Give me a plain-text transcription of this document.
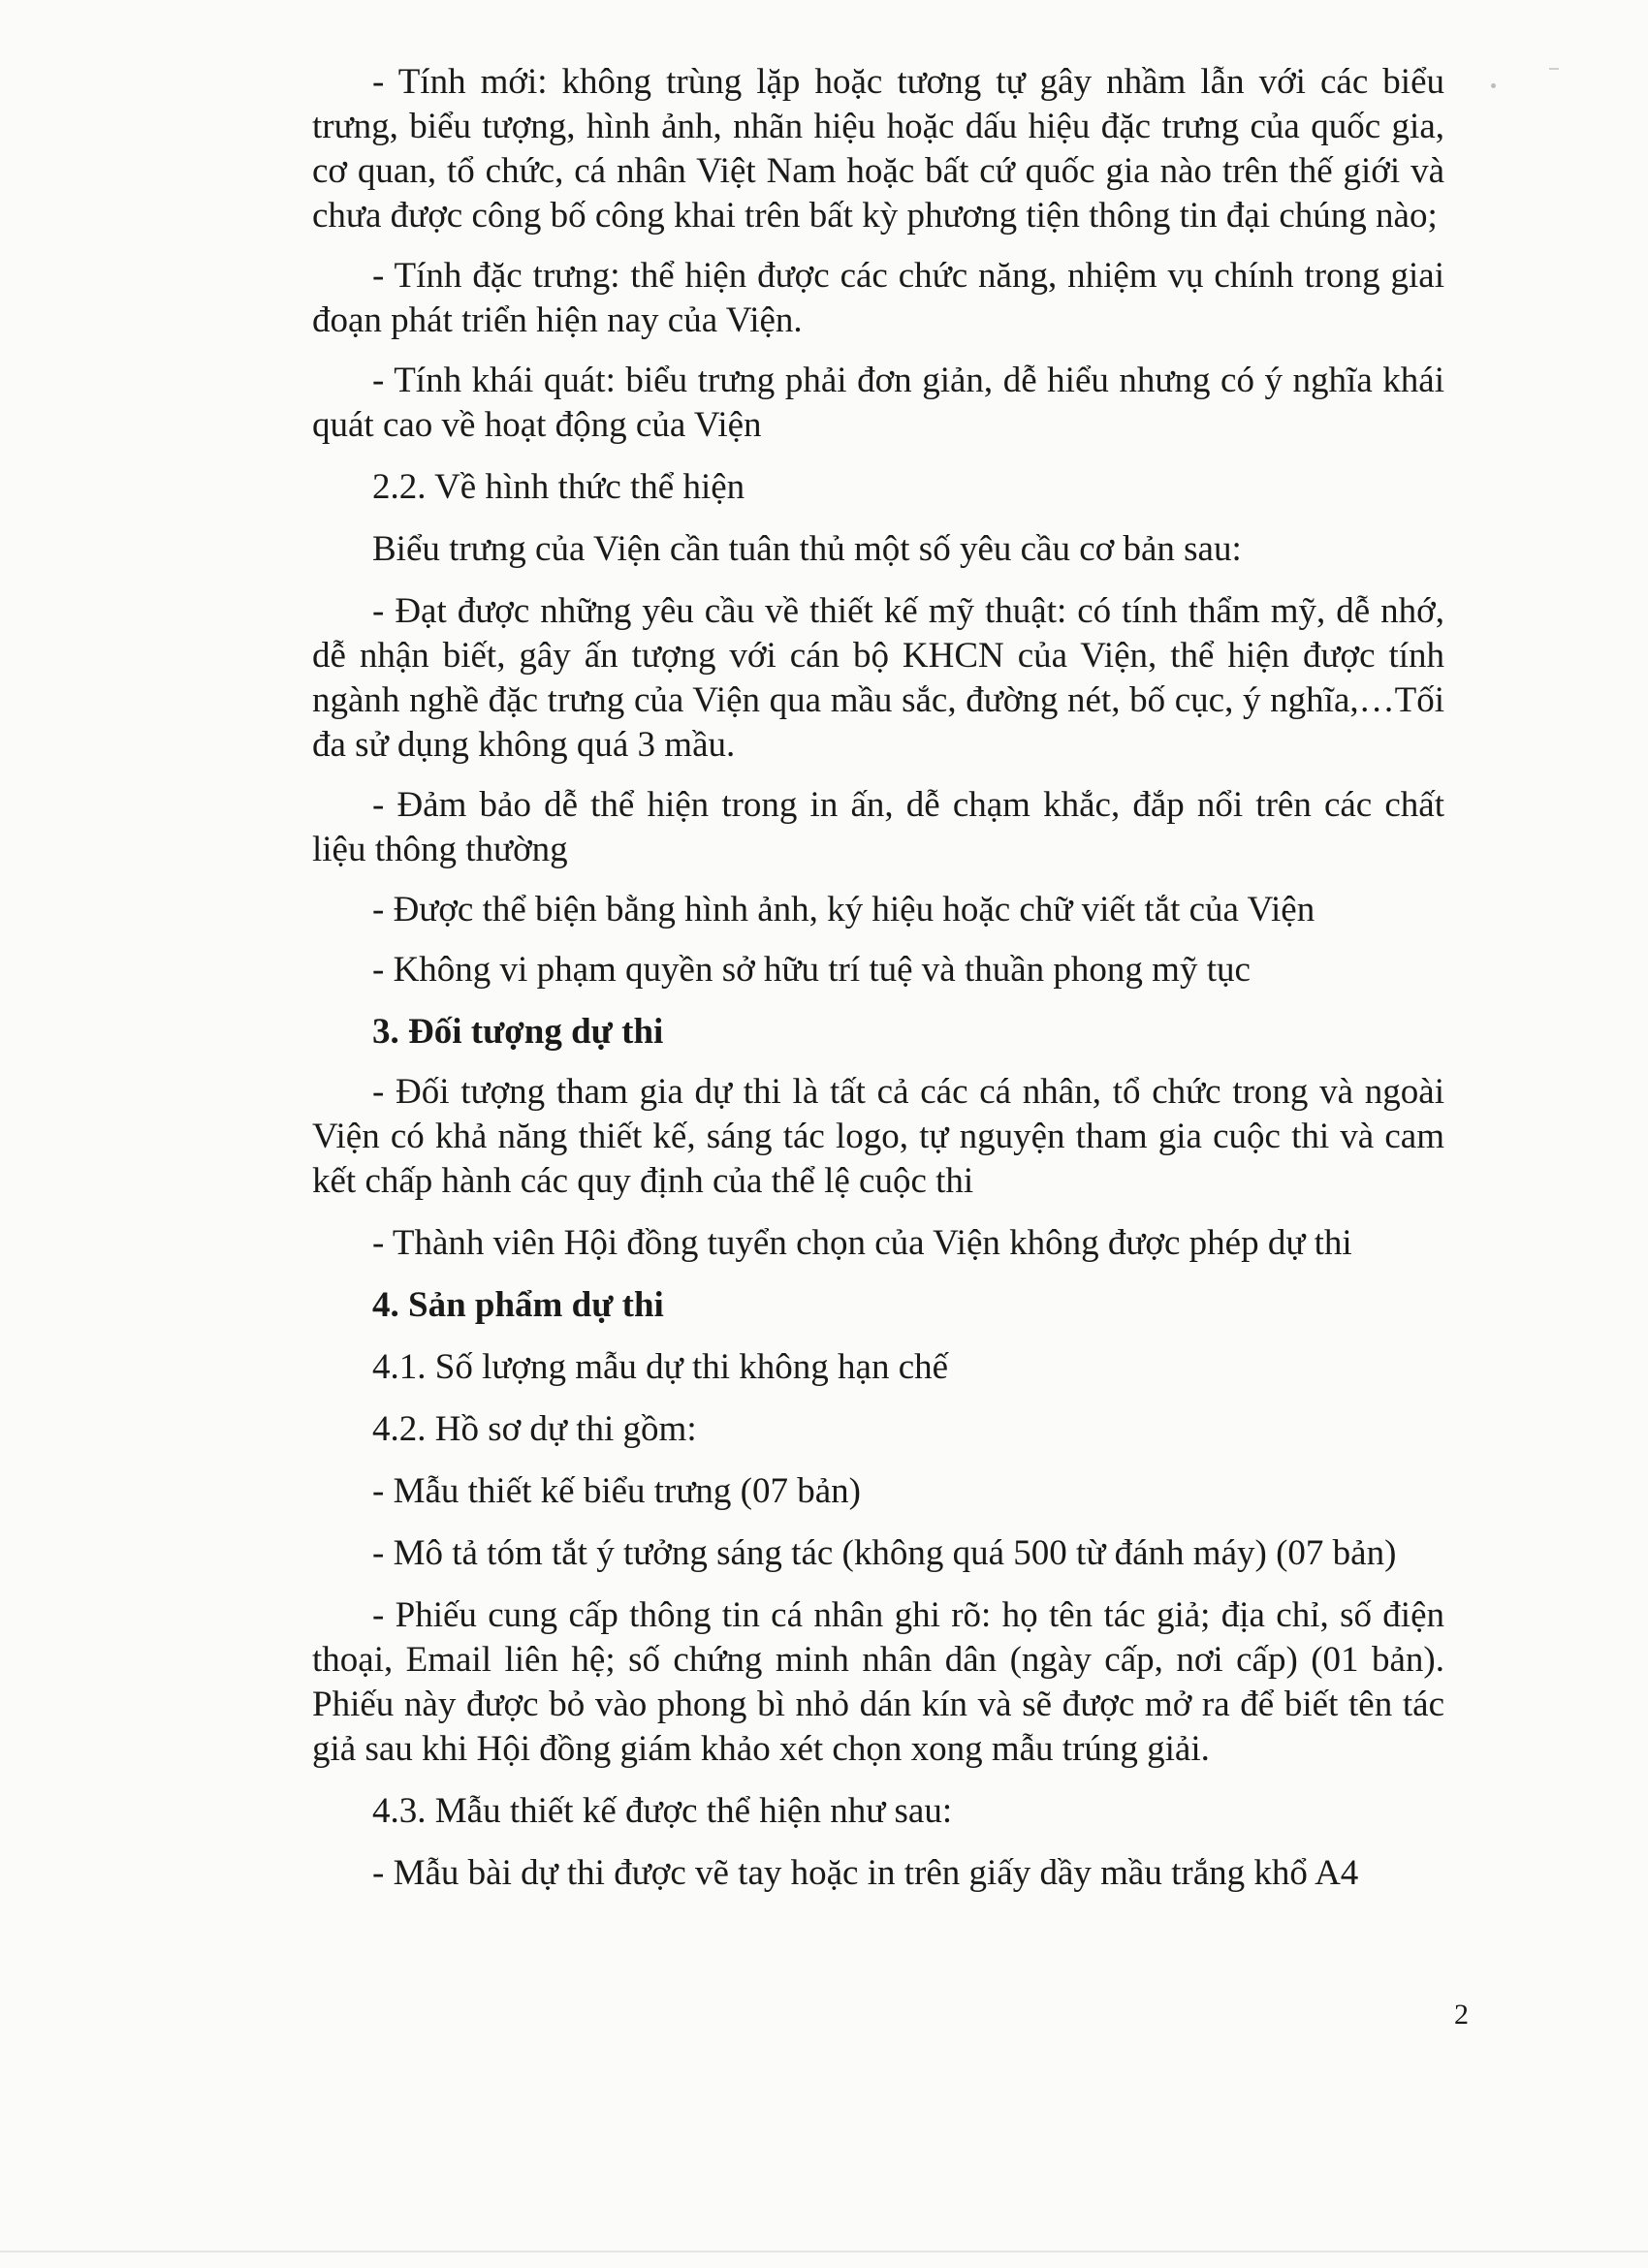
- Tính mới: không trùng lặp hoặc tương tự gây nhầm lẫn với các biểu trưng, biểu tượng, hình ảnh, nhãn hiệu hoặc dấu hiệu đặc trưng của quốc gia, cơ quan, tổ chức, cá nhân Việt Nam hoặc bất cứ quốc gia nào trên thế giới và chưa được công bố công khai trên bất kỳ phương tiện thông tin đại chúng nào;

- Tính đặc trưng: thể hiện được các chức năng, nhiệm vụ chính trong giai đoạn phát triển hiện nay của Viện.

- Tính khái quát: biểu trưng phải đơn giản, dễ hiểu nhưng có ý nghĩa khái quát cao về hoạt động của Viện

2.2. Về hình thức thể hiện

Biểu trưng của Viện cần tuân thủ một số yêu cầu cơ bản sau:

- Đạt được những yêu cầu về thiết kế mỹ thuật: có tính thẩm mỹ, dễ nhớ, dễ nhận biết, gây ấn tượng với cán bộ KHCN của Viện, thể hiện được tính ngành nghề đặc trưng của Viện qua mầu sắc, đường nét, bố cục, ý nghĩa,…Tối đa sử dụng không quá 3 mầu.

- Đảm bảo dễ thể hiện trong in ấn, dễ chạm khắc, đắp nổi trên các chất liệu thông thường

- Được thể biện bằng hình ảnh, ký hiệu hoặc chữ viết tắt của Viện

- Không vi phạm quyền sở hữu trí tuệ và thuần phong mỹ tục

3. Đối tượng dự thi

- Đối tượng tham gia dự thi là tất cả các cá nhân, tổ chức trong và ngoài Viện có khả năng thiết kế, sáng tác logo, tự nguyện tham gia cuộc thi và cam kết chấp hành các quy định của thể lệ cuộc thi

- Thành viên Hội đồng tuyển chọn của Viện không được phép dự thi

4. Sản phẩm dự thi

4.1. Số lượng mẫu dự thi không hạn chế

4.2. Hồ sơ dự thi gồm:

- Mẫu thiết kế biểu trưng (07 bản)

- Mô tả tóm tắt ý tưởng sáng tác (không quá 500 từ đánh máy) (07 bản)

- Phiếu cung cấp thông tin cá nhân ghi rõ: họ tên tác giả; địa chỉ, số điện thoại, Email liên hệ; số chứng minh nhân dân (ngày cấp, nơi cấp) (01 bản). Phiếu này được bỏ vào phong bì nhỏ dán kín và sẽ được mở ra để biết tên tác giả sau khi Hội đồng giám khảo xét chọn xong mẫu trúng giải.

4.3. Mẫu thiết kế được thể hiện như sau:

- Mẫu bài dự thi được vẽ tay hoặc in trên giấy dầy mầu trắng khổ A4

2
